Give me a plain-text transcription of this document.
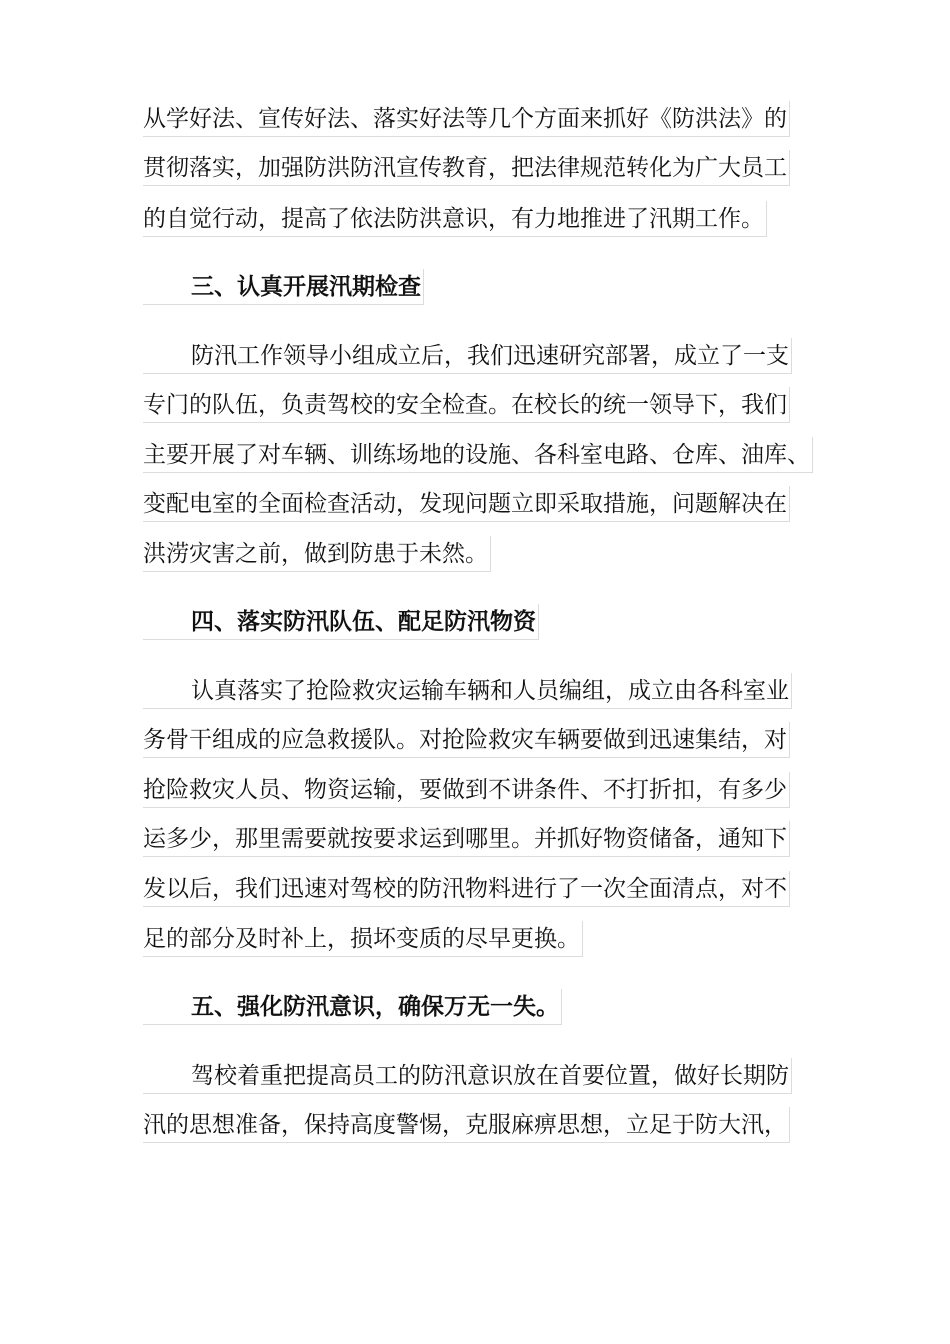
从学好法、宣传好法、落实好法等几个方面来抓好《防洪法》的
贯彻落实，加强防洪防汛宣传教育，把法律规范转化为广大员工
的自觉行动，提高了依法防洪意识，有力地推进了汛期工作。
三、认真开展汛期检查
防汛工作领导小组成立后，我们迅速研究部署，成立了一支
专门的队伍，负责驾校的安全检查。在校长的统一领导下，我们
主要开展了对车辆、训练场地的设施、各科室电路、仓库、油库、
变配电室的全面检查活动，发现问题立即采取措施，问题解决在
洪涝灾害之前，做到防患于未然。
四、落实防汛队伍、配足防汛物资
认真落实了抢险救灾运输车辆和人员编组，成立由各科室业
务骨干组成的应急救援队。对抢险救灾车辆要做到迅速集结，对
抢险救灾人员、物资运输，要做到不讲条件、不打折扣，有多少
运多少，那里需要就按要求运到哪里。并抓好物资储备，通知下
发以后，我们迅速对驾校的防汛物料进行了一次全面清点，对不
足的部分及时补上，损坏变质的尽早更换。
五、强化防汛意识，确保万无一失。
驾校着重把提高员工的防汛意识放在首要位置，做好长期防
汛的思想准备，保持高度警惕，克服麻痹思想，立足于防大汛，
